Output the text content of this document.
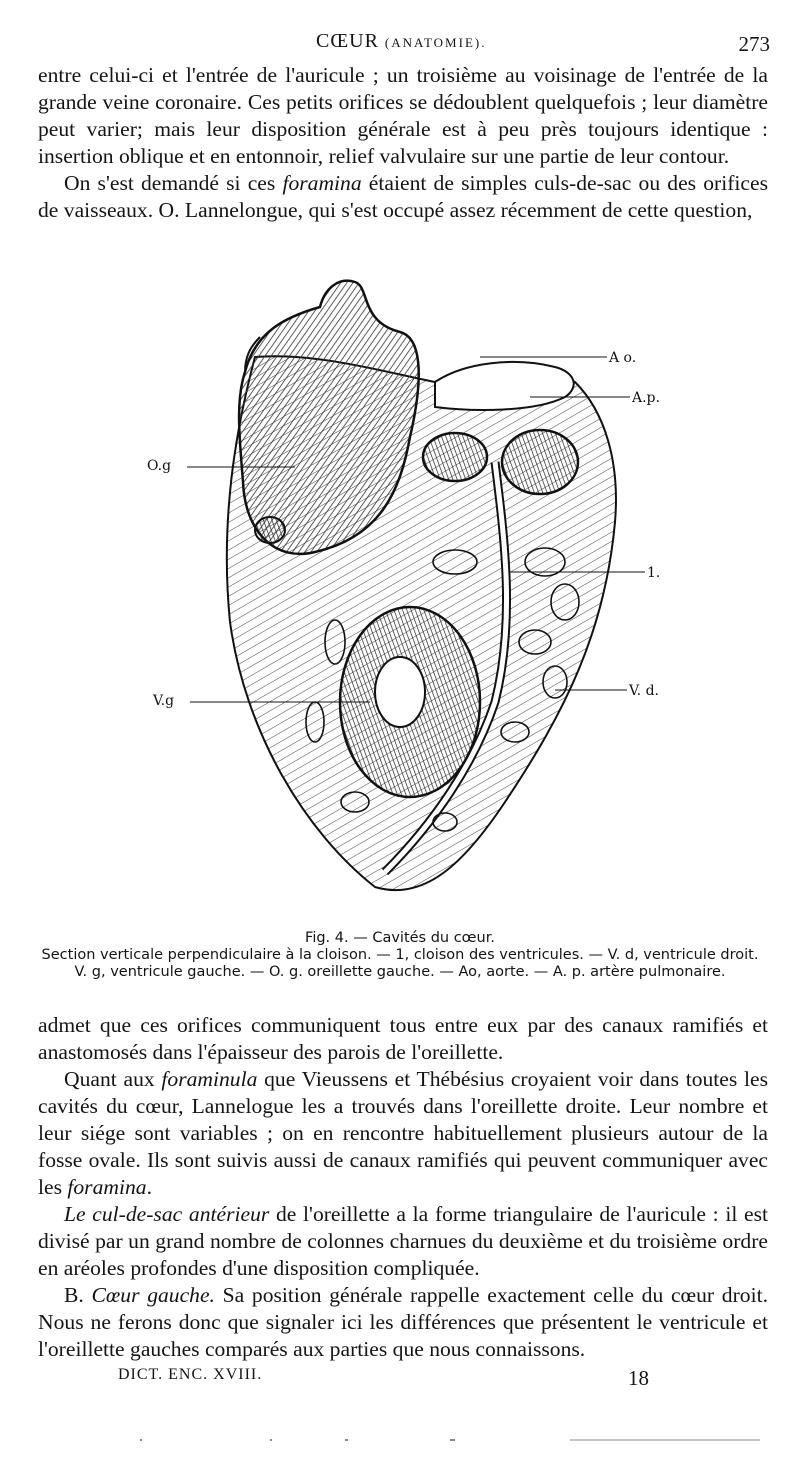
CŒUR (ANATOMIE).	273

entre celui-ci et l'entrée de l'auricule ; un troisième au voisinage de l'entrée de la grande veine coronaire. Ces petits orifices se dédoublent quelquefois ; leur diamètre peut varier; mais leur disposition générale est à peu près toujours identique : insertion oblique et en entonnoir, relief valvulaire sur une partie de leur contour.

On s'est demandé si ces foramina étaient de simples culs-de-sac ou des orifices de vaisseaux. O. Lannelongue, qui s'est occupé assez récemment de cette question,

A o.
A.p.
O.g
1.
V.g
V. d.
Fig. 4. — Cavités du cœur.
Section verticale perpendiculaire à la cloison. — 1, cloison des ventricules. — V. d, ventricule droit.
V. g, ventricule gauche. — O. g. oreillette gauche. — Ao, aorte. — A. p. artère pulmonaire.

admet que ces orifices communiquent tous entre eux par des canaux ramifiés et anastomosés dans l'épaisseur des parois de l'oreillette.

Quant aux foraminula que Vieussens et Thébésius croyaient voir dans toutes les cavités du cœur, Lannelogue les a trouvés dans l'oreillette droite. Leur nombre et leur siége sont variables ; on en rencontre habituellement plusieurs autour de la fosse ovale. Ils sont suivis aussi de canaux ramifiés qui peuvent communiquer avec les foramina.

Le cul-de-sac antérieur de l'oreillette a la forme triangulaire de l'auricule : il est divisé par un grand nombre de colonnes charnues du deuxième et du troisième ordre en aréoles profondes d'une disposition compliquée.

B. Cœur gauche. Sa position générale rappelle exactement celle du cœur droit. Nous ne ferons donc que signaler ici les différences que présentent le ventricule et l'oreillette gauches comparés aux parties que nous connaissons.

DICT. ENC. XVIII.	18
